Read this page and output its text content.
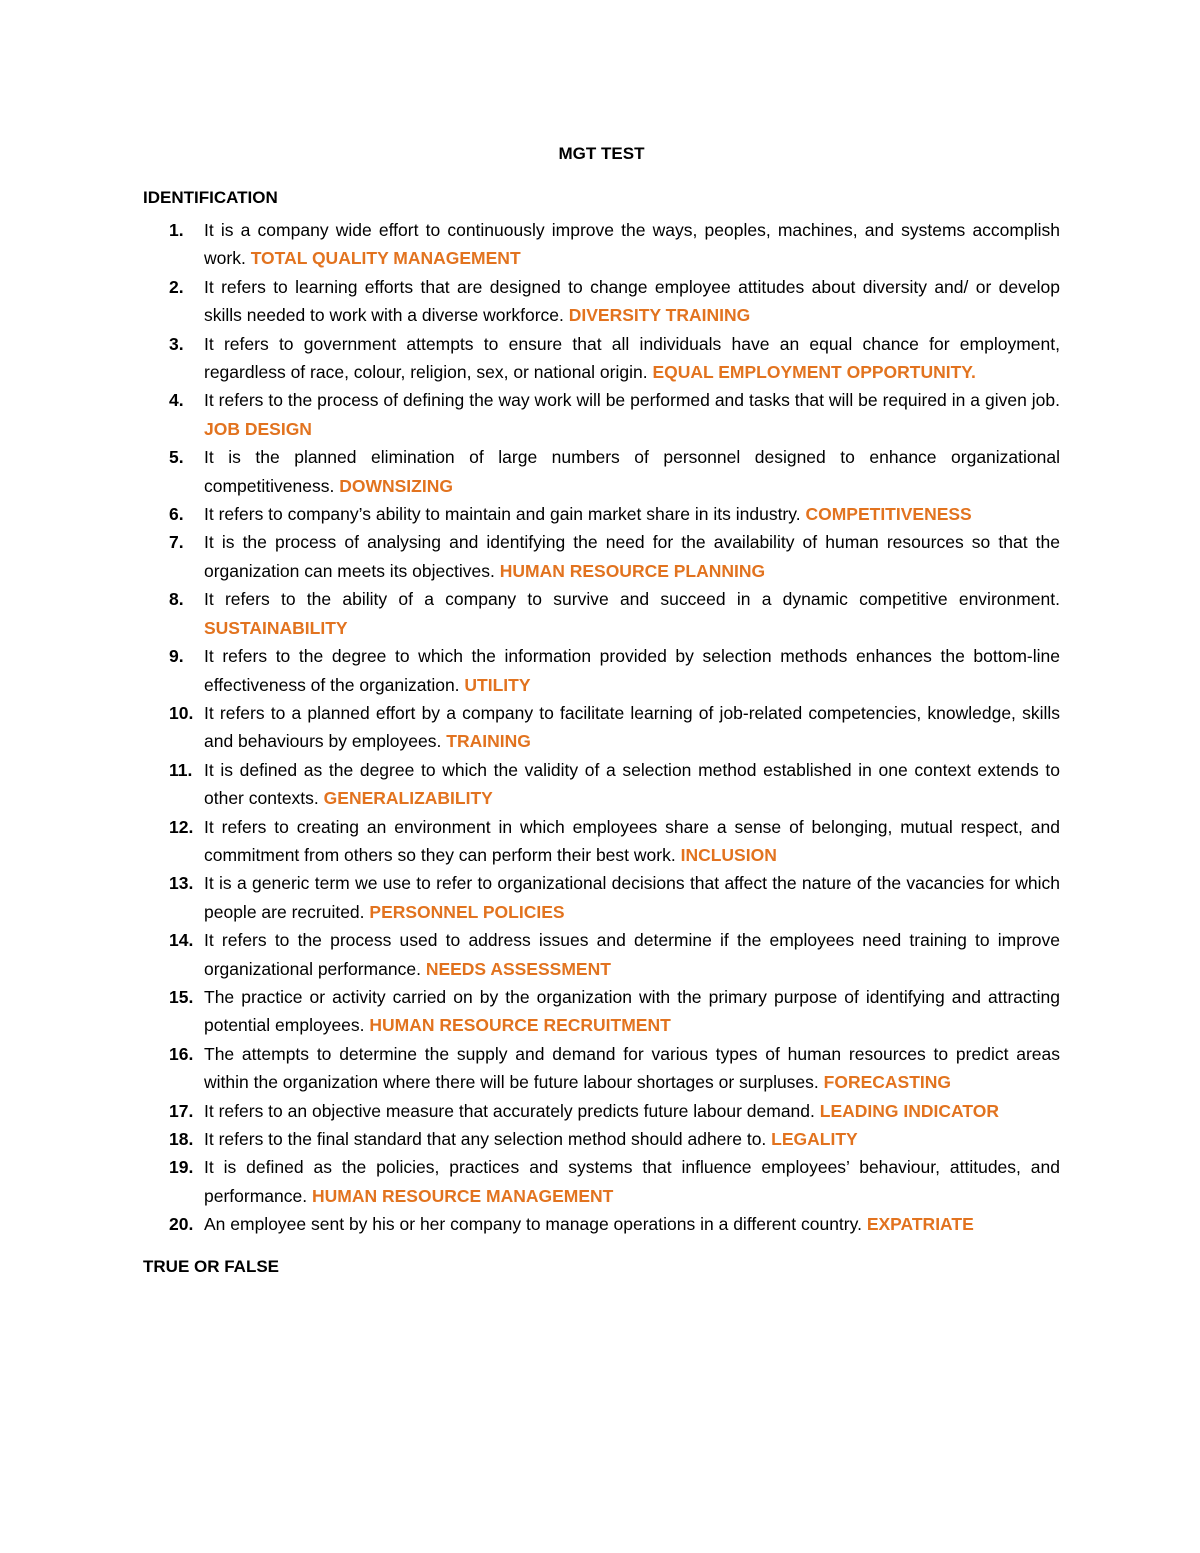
MGT TEST
IDENTIFICATION
1. It is a company wide effort to continuously improve the ways, peoples, machines, and systems accomplish work. TOTAL QUALITY MANAGEMENT
2. It refers to learning efforts that are designed to change employee attitudes about diversity and/ or develop skills needed to work with a diverse workforce. DIVERSITY TRAINING
3. It refers to government attempts to ensure that all individuals have an equal chance for employment, regardless of race, colour, religion, sex, or national origin. EQUAL EMPLOYMENT OPPORTUNITY.
4. It refers to the process of defining the way work will be performed and tasks that will be required in a given job. JOB DESIGN
5. It is the planned elimination of large numbers of personnel designed to enhance organizational competitiveness. DOWNSIZING
6. It refers to company’s ability to maintain and gain market share in its industry. COMPETITIVENESS
7. It is the process of analysing and identifying the need for the availability of human resources so that the organization can meets its objectives. HUMAN RESOURCE PLANNING
8. It refers to the ability of a company to survive and succeed in a dynamic competitive environment. SUSTAINABILITY
9. It refers to the degree to which the information provided by selection methods enhances the bottom-line effectiveness of the organization. UTILITY
10. It refers to a planned effort by a company to facilitate learning of job-related competencies, knowledge, skills and behaviours by employees. TRAINING
11. It is defined as the degree to which the validity of a selection method established in one context extends to other contexts. GENERALIZABILITY
12. It refers to creating an environment in which employees share a sense of belonging, mutual respect, and commitment from others so they can perform their best work. INCLUSION
13. It is a generic term we use to refer to organizational decisions that affect the nature of the vacancies for which people are recruited. PERSONNEL POLICIES
14. It refers to the process used to address issues and determine if the employees need training to improve organizational performance. NEEDS ASSESSMENT
15. The practice or activity carried on by the organization with the primary purpose of identifying and attracting potential employees. HUMAN RESOURCE RECRUITMENT
16. The attempts to determine the supply and demand for various types of human resources to predict areas within the organization where there will be future labour shortages or surpluses. FORECASTING
17. It refers to an objective measure that accurately predicts future labour demand. LEADING INDICATOR
18. It refers to the final standard that any selection method should adhere to. LEGALITY
19. It is defined as the policies, practices and systems that influence employees’ behaviour, attitudes, and performance. HUMAN RESOURCE MANAGEMENT
20. An employee sent by his or her company to manage operations in a different country. EXPATRIATE
TRUE OR FALSE
